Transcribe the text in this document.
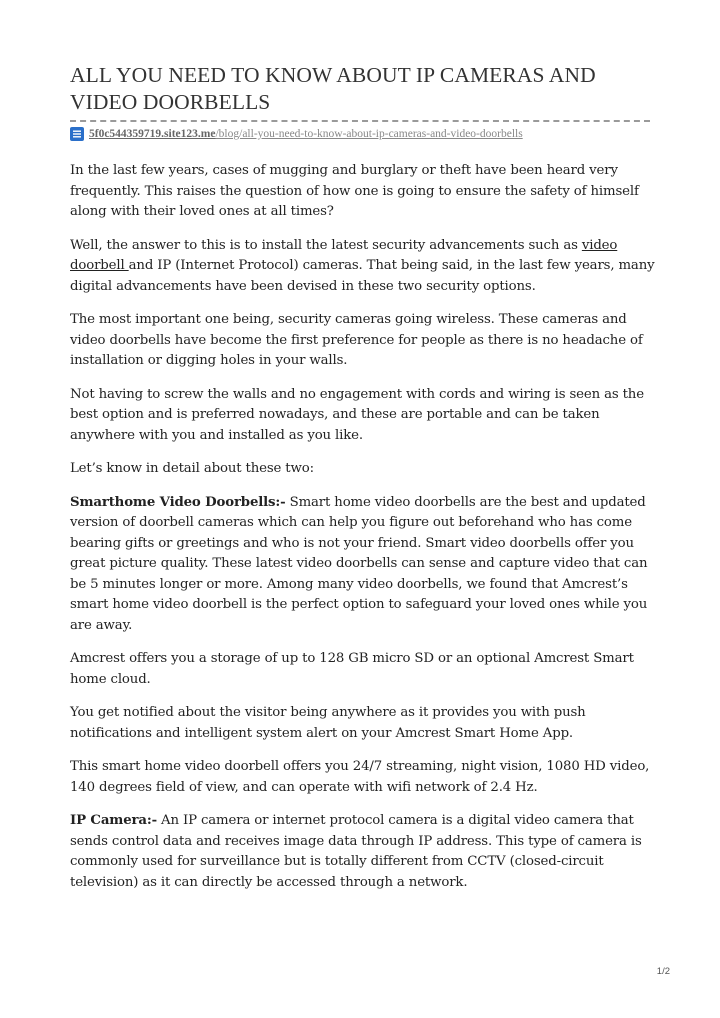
ALL YOU NEED TO KNOW ABOUT IP CAMERAS AND VIDEO DOORBELLS
5f0c544359719.site123.me /blog/all-you-need-to-know-about-ip-cameras-and-video-doorbells

In the last few years, cases of mugging and burglary or theft have been heard very frequently. This raises the question of how one is going to ensure the safety of himself along with their loved ones at all times?

Well, the answer to this is to install the latest security advancements such as video doorbell and IP (Internet Protocol) cameras. That being said, in the last few years, many digital advancements have been devised in these two security options.

The most important one being, security cameras going wireless. These cameras and video doorbells have become the first preference for people as there is no headache of installation or digging holes in your walls.

Not having to screw the walls and no engagement with cords and wiring is seen as the best option and is preferred nowadays, and these are portable and can be taken anywhere with you and installed as you like.

Let’s know in detail about these two:

Smarthome Video Doorbells:- Smart home video doorbells are the best and updated version of doorbell cameras which can help you figure out beforehand who has come bearing gifts or greetings and who is not your friend. Smart video doorbells offer you great picture quality. These latest video doorbells can sense and capture video that can be 5 minutes longer or more. Among many video doorbells, we found that Amcrest’s smart home video doorbell is the perfect option to safeguard your loved ones while you are away.

Amcrest offers you a storage of up to 128 GB micro SD or an optional Amcrest Smart home cloud.

You get notified about the visitor being anywhere as it provides you with push notifications and intelligent system alert on your Amcrest Smart Home App.

This smart home video doorbell offers you 24/7 streaming, night vision, 1080 HD video, 140 degrees field of view, and can operate with wifi network of 2.4 Hz.

IP Camera:- An IP camera or internet protocol camera is a digital video camera that sends control data and receives image data through IP address. This type of camera is commonly used for surveillance but is totally different from CCTV (closed-circuit television) as it can directly be accessed through a network.

1/2
